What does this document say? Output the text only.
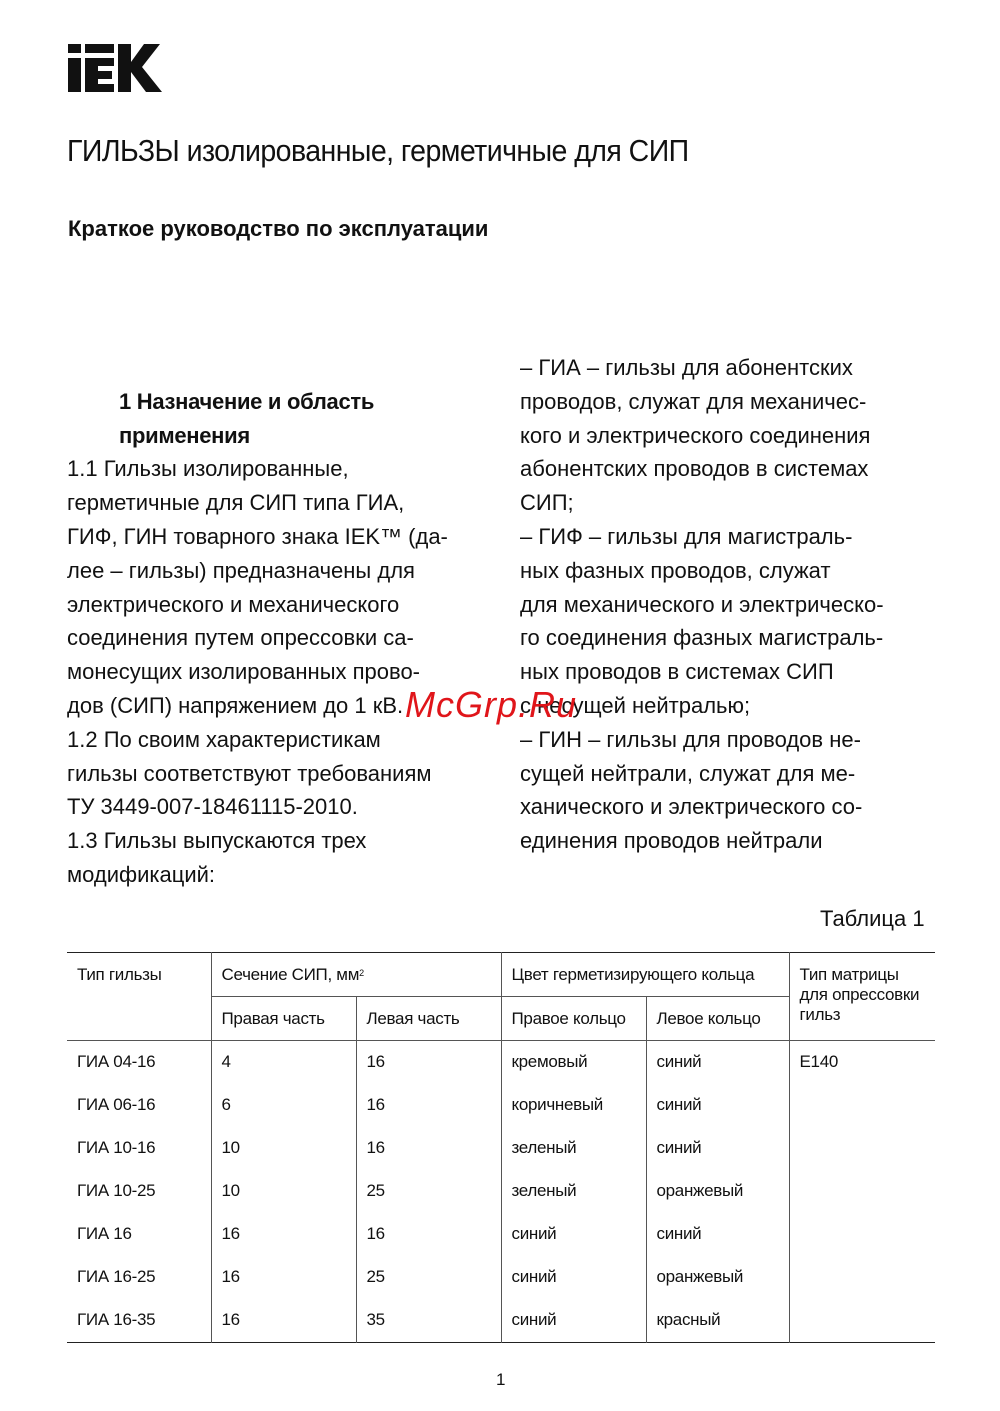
ГИЛЬЗЫ изолированные, герметичные для СИП
Краткое руководство по эксплуатации

1 Назначение и область
применения

1.1 Гильзы изолированные,
герметичные для СИП типа ГИА,
ГИФ, ГИН товарного знака IEK™ (да-
лее – гильзы) предназначены для
электрического и механического
соединения путем опрессовки са-
монесущих изолированных прово-
дов (СИП) напряжением до 1 кВ.

1.2 По своим характеристикам
гильзы соответствуют требованиям
ТУ 3449-007-18461115-2010.

1.3 Гильзы выпускаются трех
модификаций:

– ГИА – гильзы для абонентских
проводов, служат для механичес-
кого и электрического соединения
абонентских проводов в системах
СИП;

– ГИФ – гильзы для магистраль-
ных фазных проводов, служат
для механического и электрическо-
го соединения фазных магистраль-
ных проводов в системах СИП
с несущей нейтралью;

– ГИН – гильзы для проводов не-
сущей нейтрали, служат для ме-
ханического и электрического со-
единения проводов нейтрали

McGrp.Ru
Таблица 1
Тип гильзы	Сечение СИП, $мм^2$		Цвет герметизирующего кольца		Тип матрицы
для опрессовки
гильз
	Правая часть	Левая часть	Правое кольцо	Левое кольцо	
ГИА 04-16	4	16	кремовый	синий	E140
ГИА 06-16	6	16	коричневый	синий	
ГИА 10-16	10	16	зеленый	синий	
ГИА 10-25	10	25	зеленый	оранжевый	
ГИА 16	16	16	синий	синий	
ГИА 16-25	16	25	синий	оранжевый	
ГИА 16-35	16	35	синий	красный	
1
